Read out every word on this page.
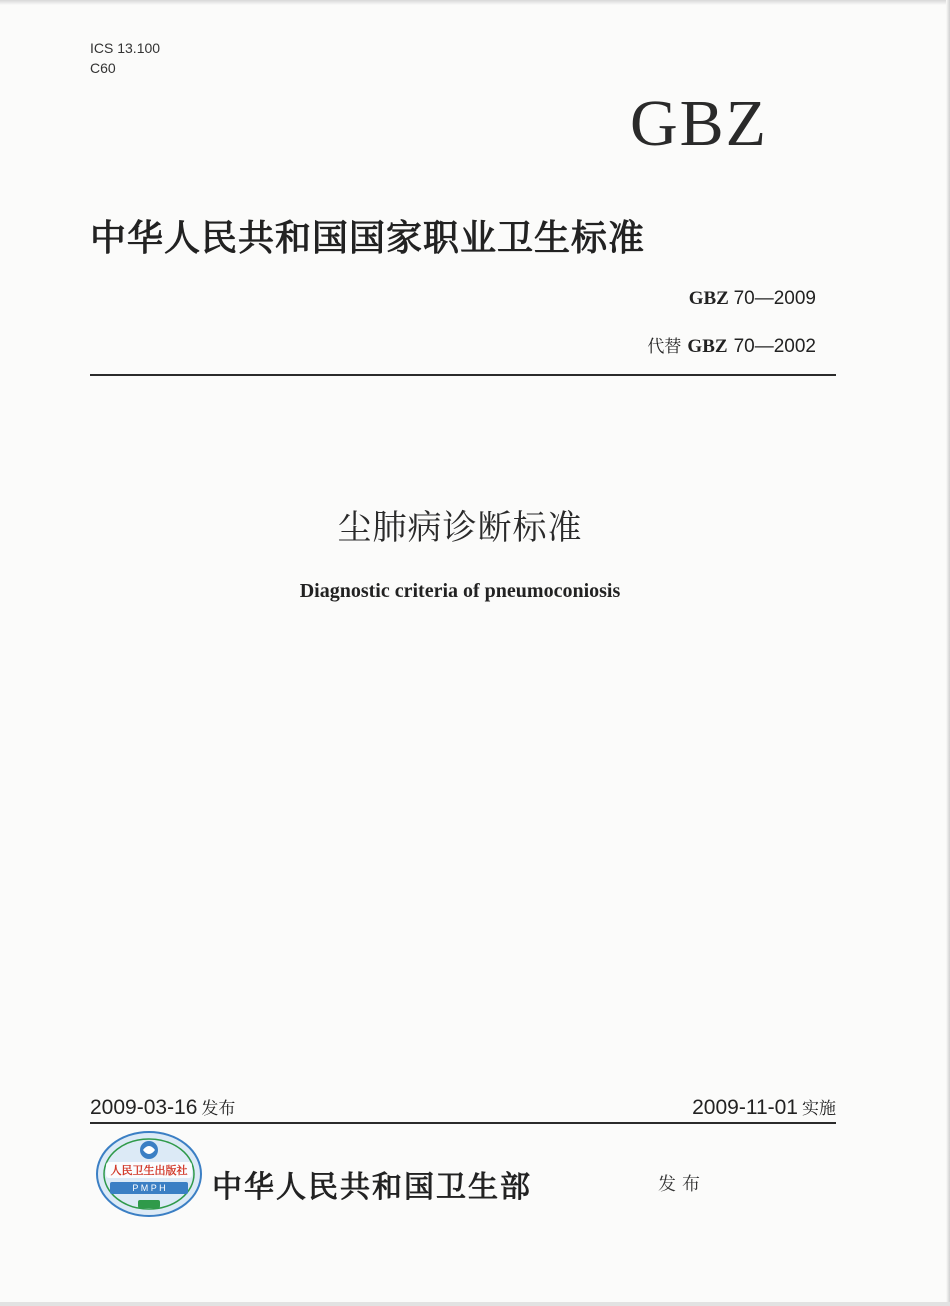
ICS 13.100
C60
GBZ
中华人民共和国国家职业卫生标准
GBZ 70—2009
代替 GBZ 70—2002
尘肺病诊断标准
Diagnostic criteria of pneumoconiosis
2009-03-16 发布	2009-11-01 实施
人民卫生出版社
P M P H 中华人民共和国卫生部	发布
